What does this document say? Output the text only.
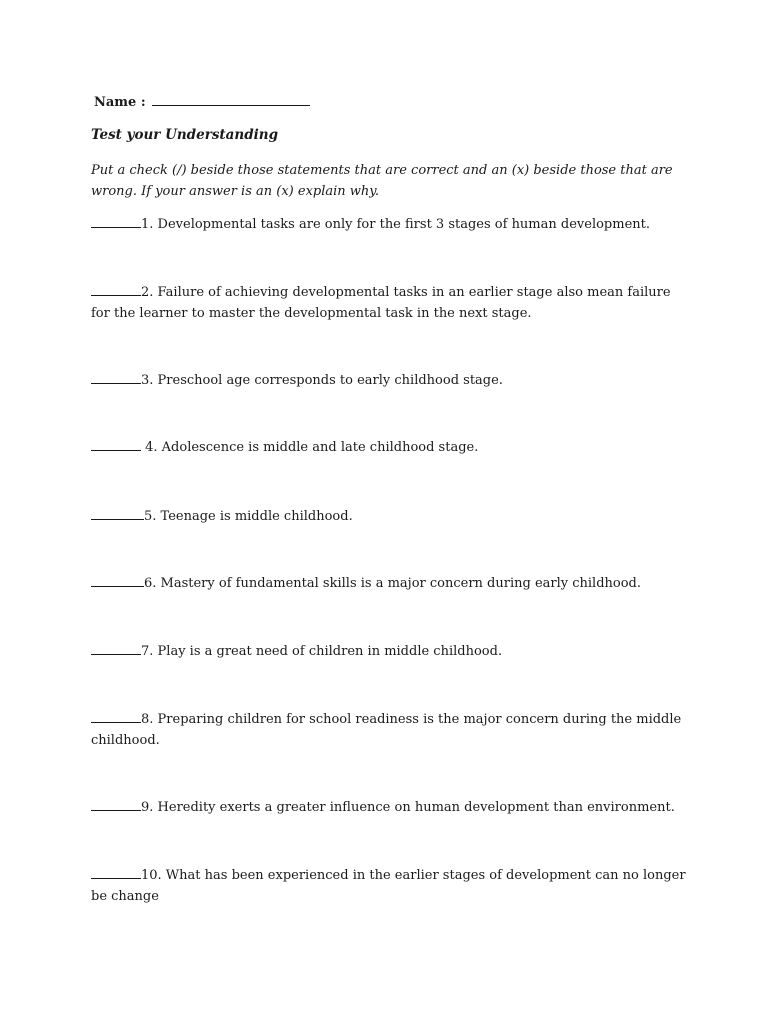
Name :
Test your Understanding
Put a check (/) beside those statements that are correct and an (x) beside those that are wrong. If your answer is an (x) explain why.
1. Developmental tasks are only for the first 3 stages of human development.
2. Failure of achieving developmental tasks in an earlier stage also mean failure for the learner to master the developmental task in the next stage.
3. Preschool age corresponds to early childhood stage.
4. Adolescence is middle and late childhood stage.
5. Teenage is middle childhood.
6. Mastery of fundamental skills is a major concern during early childhood.
7. Play is a great need of children in middle childhood.
8. Preparing children for school readiness is the major concern during the middle childhood.
9. Heredity exerts a greater influence on human development than environment.
10. What has been experienced in the earlier stages of development can no longer be change
